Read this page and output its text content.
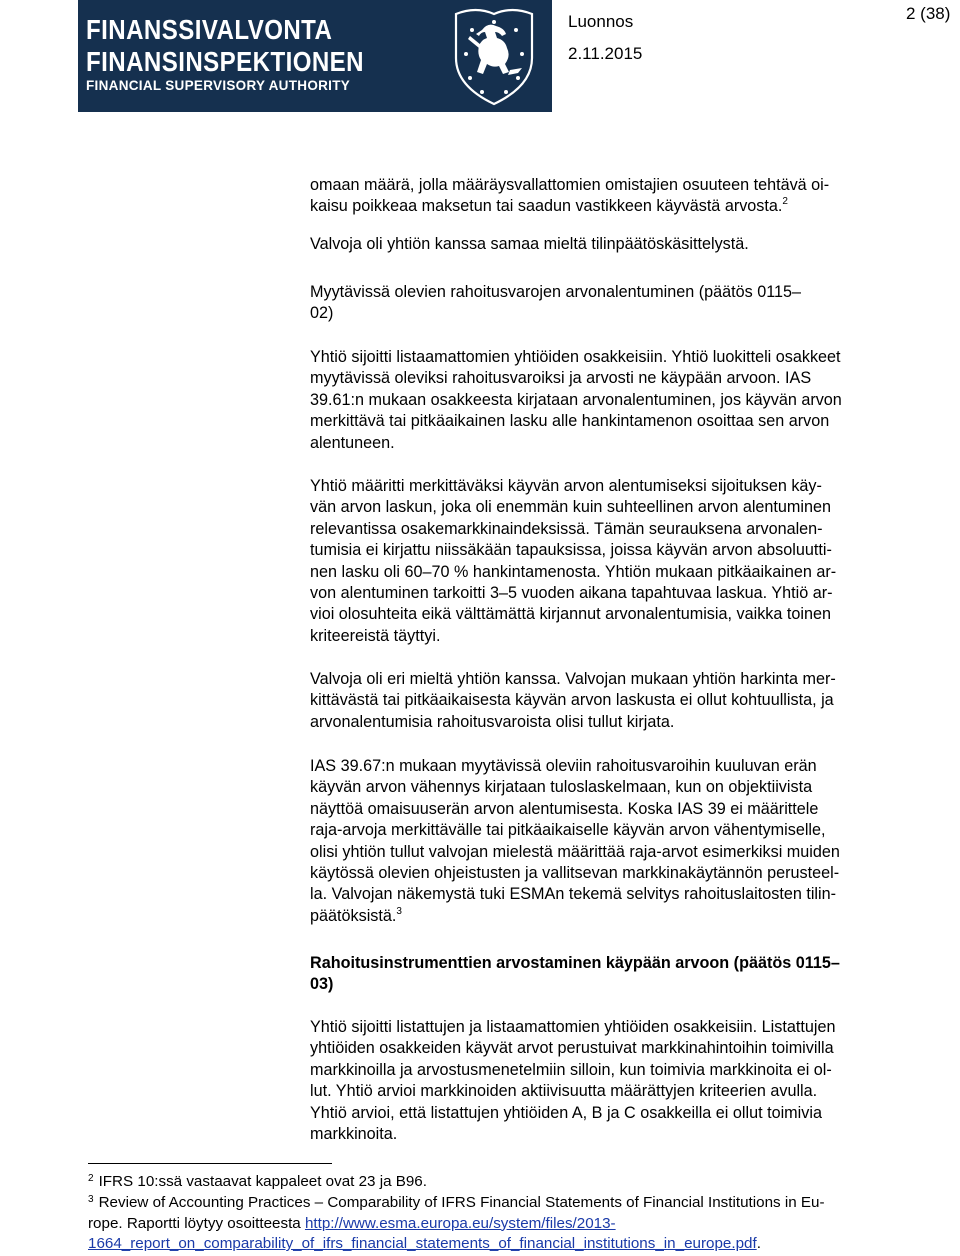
FINANSSIVALVONTA
FINANSINSPEKTIONEN
FINANCIAL SUPERVISORY AUTHORITY
Luonnos
2.11.2015
2 (38)
omaan määrä, jolla määräysvallattomien omistajien osuuteen tehtävä oi-
kaisu poikkeaa maksetun tai saadun vastikkeen käyvästä arvosta.$^2$
Valvoja oli yhtiön kanssa samaa mieltä tilinpäätöskäsittelystä.
Myytävissä olevien rahoitusvarojen arvonalentuminen (päätös 0115–
02)
Yhtiö sijoitti listaamattomien yhtiöiden osakkeisiin. Yhtiö luokitteli osakkeet
myytävissä oleviksi rahoitusvaroiksi ja arvosti ne käypään arvoon. IAS
39.61:n mukaan osakkeesta kirjataan arvonalentuminen, jos käyvän arvon
merkittävä tai pitkäaikainen lasku alle hankintamenon osoittaa sen arvon
alentuneen.
Yhtiö määritti merkittäväksi käyvän arvon alentumiseksi sijoituksen käy-
vän arvon laskun, joka oli enemmän kuin suhteellinen arvon alentuminen
relevantissa osakemarkkinaindeksissä. Tämän seurauksena arvonalen-
tumisia ei kirjattu niissäkään tapauksissa, joissa käyvän arvon absoluutti-
nen lasku oli 60–70 % hankintamenosta. Yhtiön mukaan pitkäaikainen ar-
von alentuminen tarkoitti 3–5 vuoden aikana tapahtuvaa laskua. Yhtiö ar-
vioi olosuhteita eikä välttämättä kirjannut arvonalentumisia, vaikka toinen
kriteereistä täyttyi.
Valvoja oli eri mieltä yhtiön kanssa. Valvojan mukaan yhtiön harkinta mer-
kittävästä tai pitkäaikaisesta käyvän arvon laskusta ei ollut kohtuullista, ja
arvonalentumisia rahoitusvaroista olisi tullut kirjata.
IAS 39.67:n mukaan myytävissä oleviin rahoitusvaroihin kuuluvan erän
käyvän arvon vähennys kirjataan tuloslaskelmaan, kun on objektiivista
näyttöä omaisuuserän arvon alentumisesta. Koska IAS 39 ei määrittele
raja-arvoja merkittävälle tai pitkäaikaiselle käyvän arvon vähentymiselle,
olisi yhtiön tullut valvojan mielestä määrittää raja-arvot esimerkiksi muiden
käytössä olevien ohjeistusten ja vallitsevan markkinakäytännön perusteel-
la. Valvojan näkemystä tuki ESMAn tekemä selvitys rahoituslaitosten tilin-
päätöksistä.$^3$
Rahoitusinstrumenttien arvostaminen käypään arvoon (päätös 0115–
03)
Yhtiö sijoitti listattujen ja listaamattomien yhtiöiden osakkeisiin. Listattujen
yhtiöiden osakkeiden käyvät arvot perustuivat markkinahintoihin toimivilla
markkinoilla ja arvostusmenetelmiin silloin, kun toimivia markkinoita ei ol-
lut. Yhtiö arvioi markkinoiden aktiivisuutta määrättyjen kriteerien avulla.
Yhtiö arvioi, että listattujen yhtiöiden A, B ja C osakkeilla ei ollut toimivia
markkinoita.
$^2$ IFRS 10:ssä vastaavat kappaleet ovat 23 ja B96.
$^3$ Review of Accounting Practices – Comparability of IFRS Financial Statements of Financial Institutions in Eu-
rope. Raportti löytyy osoitteesta http://www.esma.europa.eu/system/files/2013-
1664_report_on_comparability_of_ifrs_financial_statements_of_financial_institutions_in_europe.pdf.
